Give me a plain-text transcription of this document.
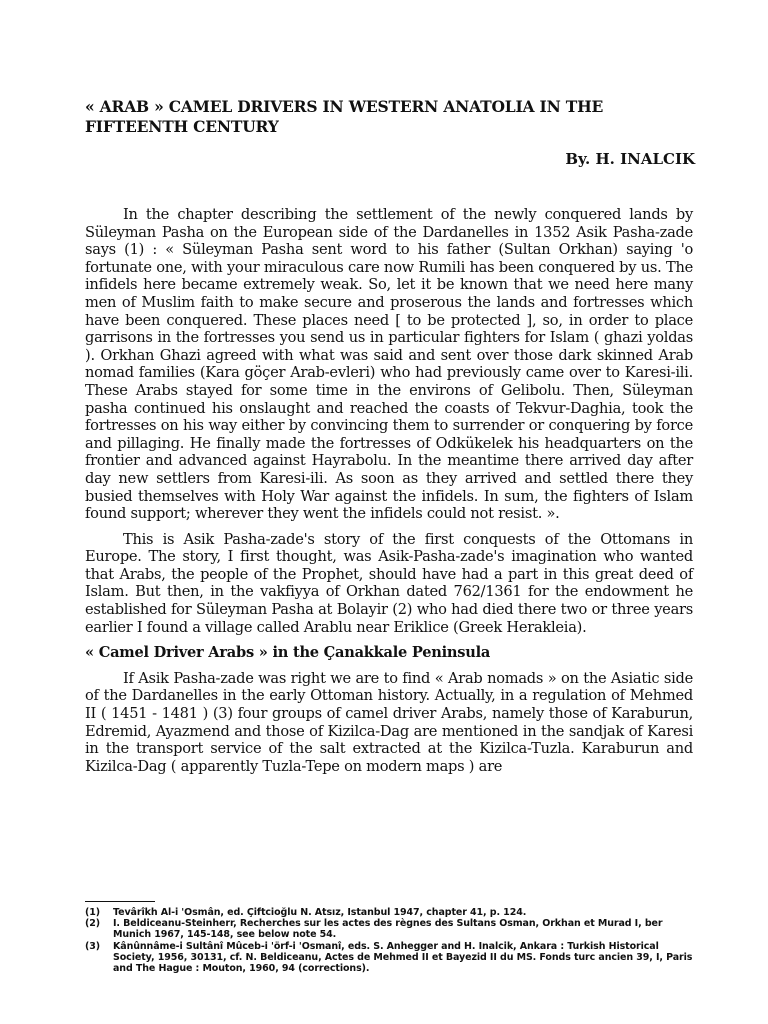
« ARAB » CAMEL DRIVERS IN WESTERN ANATOLIA IN THE FIFTEENTH CENTURY
By. H. INALCIK

In the chapter describing the settlement of the newly conquered lands by Süleyman Pasha on the European side of the Dardanelles in 1352 Asik Pasha-zade says (1) : « Süleyman Pasha sent word to his father (Sultan Orkhan) saying 'o fortunate one, with your miraculous care now Rumili has been conquered by us. The infidels here became extremely weak. So, let it be known that we need here many men of Muslim faith to make secure and proserous the lands and fortresses which have been conquered. These places need [ to be protected ], so, in order to place garrisons in the fortresses you send us in particular fighters for Islam ( ghazi yoldas ). Orkhan Ghazi agreed with what was said and sent over those dark skinned Arab nomad families (Kara göçer Arab-evleri) who had previously came over to Karesi-ili. These Arabs stayed for some time in the environs of Gelibolu. Then, Süleyman pasha continued his onslaught and reached the coasts of Tekvur-Daghia, took the fortresses on his way either by convincing them to surrender or conquering by force and pillaging. He finally made the fortresses of Odkükelek his headquarters on the frontier and advanced against Hayrabolu. In the meantime there arrived day after day new settlers from Karesi-ili. As soon as they arrived and settled there they busied themselves with Holy War against the infidels. In sum, the fighters of Islam found support; wherever they went the infidels could not resist. ».

This is Asik Pasha-zade's story of the first conquests of the Ottomans in Europe. The story, I first thought, was Asik-Pasha-zade's imagination who wanted that Arabs, the people of the Prophet, should have had a part in this great deed of Islam. But then, in the vakfiyya of Orkhan dated 762/1361 for the endowment he established for Süleyman Pasha at Bolayir (2) who had died there two or three years earlier I found a village called Arablu near Eriklice (Greek Herakleia).

« Camel Driver Arabs » in the Çanakkale Peninsula

If Asik Pasha-zade was right we are to find « Arab nomads » on the Asiatic side of the Dardanelles in the early Ottoman history. Actually, in a regulation of Mehmed II ( 1451 - 1481 ) (3) four groups of camel driver Arabs, namely those of Karaburun, Edremid, Ayazmend and those of Kizilca-Dag are mentioned in the sandjak of Karesi in the transport service of the salt extracted at the Kizilca-Tuzla. Karaburun and Kizilca-Dag ( apparently Tuzla-Tepe on modern maps ) are

(1)	Tevârîkh Al-i 'Osmân, ed. Çiftcioğlu N. Atsız, Istanbul 1947, chapter 41, p. 124.
(2)	I. Beldiceanu-Steinherr, Recherches sur les actes des règnes des Sultans Osman, Orkhan et Murad I, ber Munich 1967, 145-148, see below note 54.
(3)	Kânûnnâme-i Sultânî Mûceb-i 'örf-i 'Osmanî, eds. S. Anhegger and H. Inalcik, Ankara : Turkish Historical Society, 1956, 30131, cf. N. Beldiceanu, Actes de Mehmed II et Bayezid II du MS. Fonds turc ancien 39, I, Paris and The Hague : Mouton, 1960, 94 (corrections).
